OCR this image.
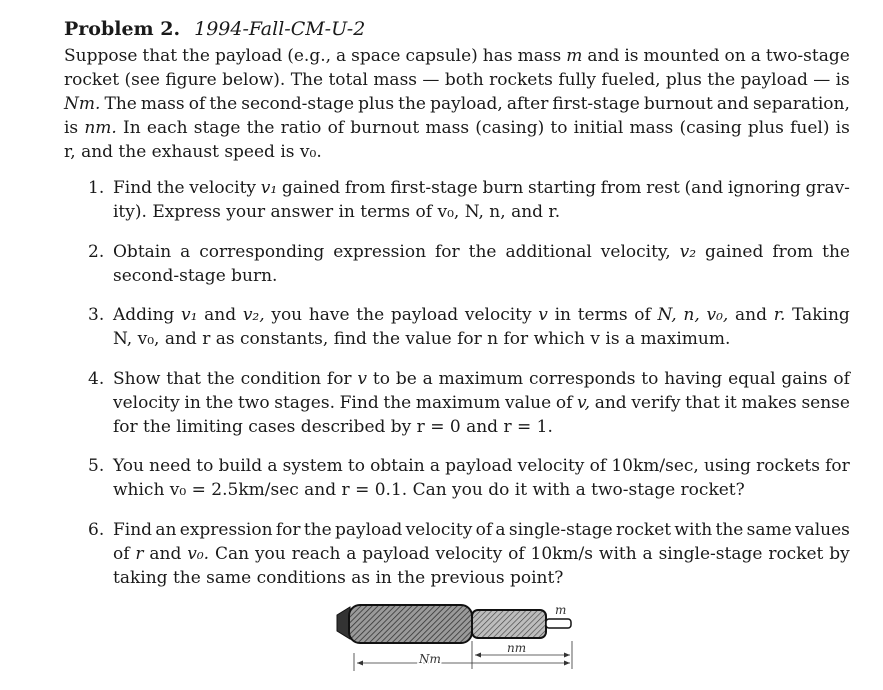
Problem 2. 1994-Fall-CM-U-2
Suppose that the payload (e.g., a space capsule) has mass m and is mounted on a two-stage
rocket (see figure below). The total mass — both rockets fully fueled, plus the payload — is
Nm. The mass of the second-stage plus the payload, after first-stage burnout and separation,
is nm. In each stage the ratio of burnout mass (casing) to initial mass (casing plus fuel) is
r, and the exhaust speed is v₀.
1. Find the velocity v₁ gained from first-stage burn starting from rest (and ignoring grav-
ity). Express your answer in terms of v₀, N, n, and r.
2. Obtain a corresponding expression for the additional velocity, v₂ gained from the
second-stage burn.
3. Adding v₁ and v₂, you have the payload velocity v in terms of N, n, v₀, and r. Taking
N, v₀, and r as constants, find the value for n for which v is a maximum.
4. Show that the condition for v to be a maximum corresponds to having equal gains of
velocity in the two stages. Find the maximum value of v, and verify that it makes sense
for the limiting cases described by r = 0 and r = 1.
5. You need to build a system to obtain a payload velocity of 10km/sec, using rockets for
which v₀ = 2.5km/sec and r = 0.1. Can you do it with a two-stage rocket?
6. Find an expression for the payload velocity of a single-stage rocket with the same values
of r and v₀. Can you reach a payload velocity of 10km/s with a single-stage rocket by
taking the same conditions as in the previous point?
m
nm
Nm
